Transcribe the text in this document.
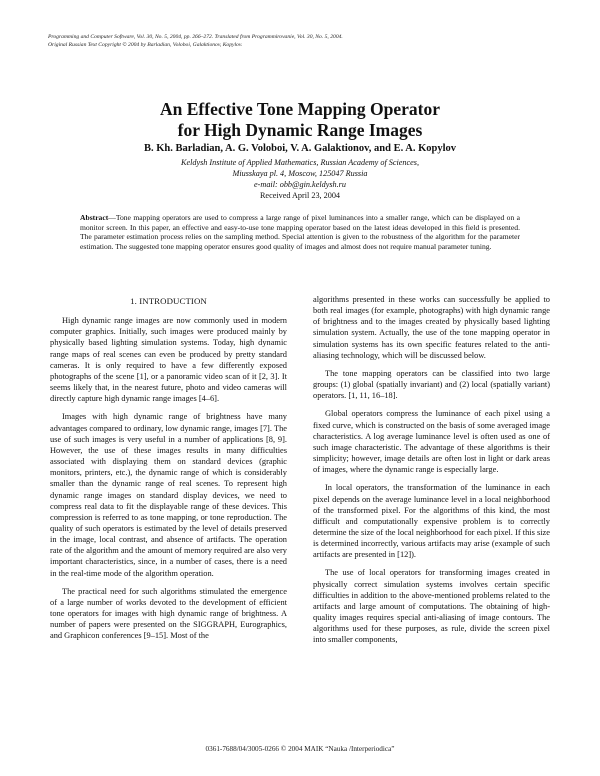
Programming and Computer Software, Vol. 30, No. 5, 2004, pp. 266–272. Translated from Programmirovanie, Vol. 30, No. 5, 2004.
Original Russian Text Copyright © 2004 by Barladian, Voloboi, Galaktionov, Kopylov.
An Effective Tone Mapping Operator
for High Dynamic Range Images
B. Kh. Barladian, A. G. Voloboi, V. A. Galaktionov, and E. A. Kopylov
Keldysh Institute of Applied Mathematics, Russian Academy of Sciences,
Miusskaya pl. 4, Moscow, 125047 Russia
e-mail: obb@gin.keldysh.ru
Received April 23, 2004
Abstract—Tone mapping operators are used to compress a large range of pixel luminances into a smaller range, which can be displayed on a monitor screen. In this paper, an effective and easy-to-use tone mapping operator based on the latest ideas developed in this field is presented. The parameter estimation process relies on the sampling method. Special attention is given to the robustness of the algorithm for the parameter estimation. The suggested tone mapping operator ensures good quality of images and almost does not require manual parameter tuning.
1. INTRODUCTION

High dynamic range images are now commonly used in modern computer graphics. Initially, such images were produced mainly by physically based lighting simulation systems. Today, high dynamic range maps of real scenes can even be produced by pretty standard cameras. It is only required to have a few differently exposed photographs of the scene [1], or a panoramic video scan of it [2, 3]. It seems likely that, in the nearest future, photo and video cameras will directly capture high dynamic range images [4–6].

Images with high dynamic range of brightness have many advantages compared to ordinary, low dynamic range, images [7]. The use of such images is very useful in a number of applications [8, 9]. However, the use of these images results in many difficulties associated with displaying them on standard devices (graphic monitors, printers, etc.), the dynamic range of which is considerably smaller than the dynamic range of real scenes. To represent high dynamic range images on standard display devices, we need to compress real data to fit the displayable range of these devices. This compression is referred to as tone mapping, or tone reproduction. The quality of such operators is estimated by the level of details preserved in the image, local contrast, and absence of artifacts. The operation rate of the algorithm and the amount of memory required are also very important characteristics, since, in a number of cases, there is a need in the real-time mode of the algorithm operation.

The practical need for such algorithms stimulated the emergence of a large number of works devoted to the development of efficient tone operators for images with high dynamic range of brightness. A number of papers were presented on the SIGGRAPH, Eurographics, and Graphicon conferences [9–15]. Most of the

algorithms presented in these works can successfully be applied to both real images (for example, photographs) with high dynamic range of brightness and to the images created by physically based lighting simulation system. Actually, the use of the tone mapping operator in simulation systems has its own specific features related to the anti-aliasing technology, which will be discussed below.

The tone mapping operators can be classified into two large groups: (1) global (spatially invariant) and (2) local (spatially variant) operators. [1, 11, 16–18].

Global operators compress the luminance of each pixel using a fixed curve, which is constructed on the basis of some averaged image characteristics. A log average luminance level is often used as one of such image characteristic. The advantage of these algorithms is their simplicity; however, image details are often lost in light or dark areas of images, where the dynamic range is especially large.

In local operators, the transformation of the luminance in each pixel depends on the average luminance level in a local neighborhood of the transformed pixel. For the algorithms of this kind, the most difficult and computationally expensive problem is to correctly determine the size of the local neighborhood for each pixel. If this size is determined incorrectly, various artifacts may arise (example of such artifacts are presented in [12]).

The use of local operators for transforming images created in physically correct simulation systems involves certain specific difficulties in addition to the above-mentioned problems related to the artifacts and large amount of computations. The obtaining of high-quality images requires special anti-aliasing of image contours. The algorithms used for these purposes, as rule, divide the screen pixel into smaller components,

0361-7688/04/3005-0266 © 2004 MAIK “Nauka /Interperiodica”
